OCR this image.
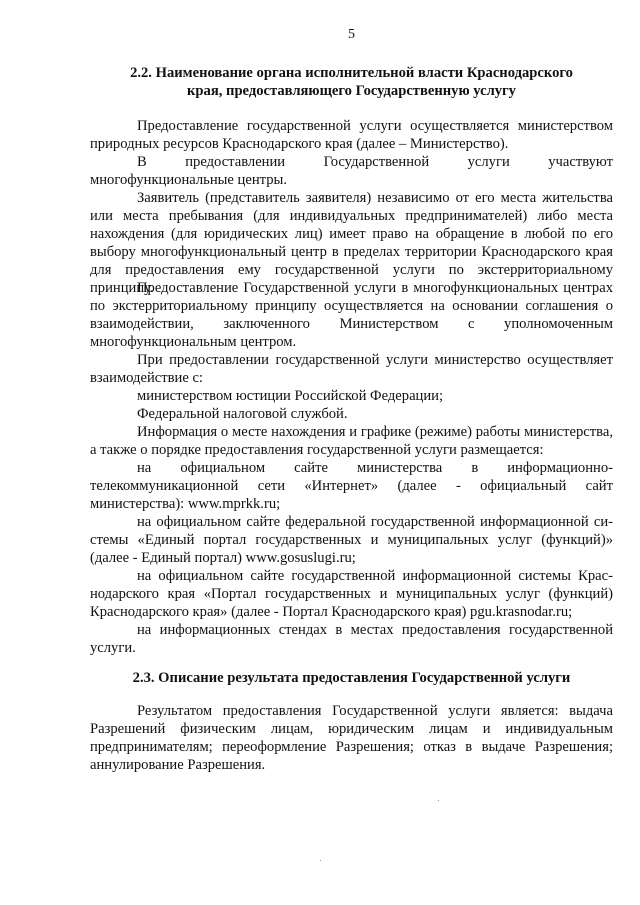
5
2.2. Наименование органа исполнительной власти Краснодарского
края, предоставляющего Государственную услугу

Предоставление государственной услуги осуществляется министерством природных ресурсов Краснодарского края (далее – Министерство).

В предоставлении Государственной услуги участвуют многофункциональные центры.

Заявитель (представитель заявителя) независимо от его места жительства или места пребывания (для индивидуальных предпринимателей) либо места нахождения (для юридических лиц) имеет право на обращение в любой по его выбору многофункциональный центр в пределах территории Краснодарского края для предоставления ему государственной услуги по экстерриториальному принципу.

Предоставление Государственной услуги в многофункциональных центрах по экстерриториальному принципу осуществляется на основании соглашения о взаимодействии, заключенного Министерством с уполномоченным многофункциональным центром.

При предоставлении государственной услуги министерство осуществляет взаимодействие с:

министерством юстиции Российской Федерации;

Федеральной налоговой службой.

Информация о месте нахождения и графике (режиме) работы министерства, а также о порядке предоставления государственной услуги размещается:

на официальном сайте министерства в информационно-телекоммуникационной сети «Интернет» (далее - официальный сайт министерства): www.mprkk.ru;

на официальном сайте федеральной государственной информационной си-стемы «Единый портал государственных и муниципальных услуг (функций)» (далее - Единый портал) www.gosuslugi.ru;

на официальном сайте государственной информационной системы Крас-нодарского края «Портал государственных и муниципальных услуг (функций) Краснодарского края» (далее - Портал Краснодарского края) pgu.krasnodar.ru;

на информационных стендах в местах предоставления государственной услуги.

2.3. Описание результата предоставления Государственной услуги

Результатом предоставления Государственной услуги является: выдача Разрешений физическим лицам, юридическим лицам и индивидуальным предпринимателям; переоформление Разрешения; отказ в выдаче Разрешения; аннулирование Разрешения.
